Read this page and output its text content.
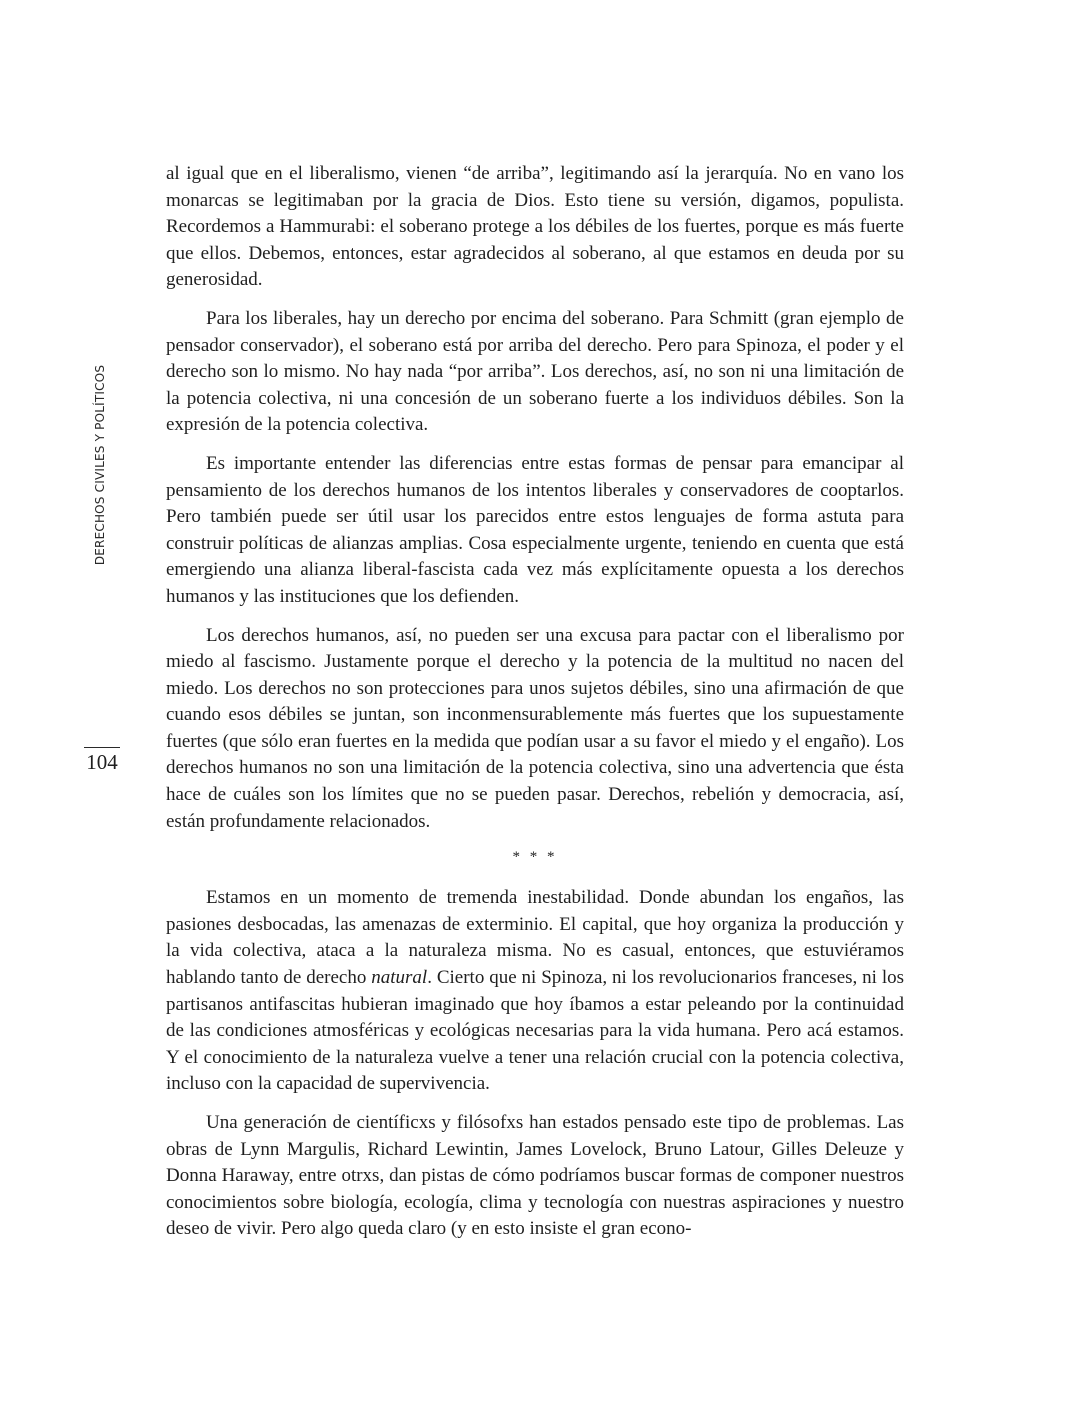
DERECHOS CIVILES Y POLÍTICOS
104

al igual que en el liberalismo, vienen “de arriba”, legitimando así la jerarquía. No en vano los monarcas se legitimaban por la gracia de Dios. Esto tiene su versión, digamos, populista. Recordemos a Hammurabi: el soberano protege a los débiles de los fuertes, porque es más fuerte que ellos. Debemos, entonces, estar agradecidos al soberano, al que estamos en deuda por su generosidad.

Para los liberales, hay un derecho por encima del soberano. Para Schmitt (gran ejemplo de pensador conservador), el soberano está por arriba del derecho. Pero para Spinoza, el poder y el derecho son lo mismo. No hay nada “por arriba”. Los derechos, así, no son ni una limitación de la potencia colectiva, ni una concesión de un soberano fuerte a los individuos débiles. Son la expresión de la potencia colectiva.

Es importante entender las diferencias entre estas formas de pensar para emancipar al pensamiento de los derechos humanos de los intentos liberales y conservadores de cooptarlos. Pero también puede ser útil usar los parecidos entre estos lenguajes de forma astuta para construir políticas de alianzas amplias. Cosa especialmente urgente, teniendo en cuenta que está emergiendo una alianza liberal-fascista cada vez más explícitamente opuesta a los derechos humanos y las instituciones que los defienden.

Los derechos humanos, así, no pueden ser una excusa para pactar con el liberalismo por miedo al fascismo. Justamente porque el derecho y la potencia de la multitud no nacen del miedo. Los derechos no son protecciones para unos sujetos débiles, sino una afirmación de que cuando esos débiles se juntan, son inconmensurablemente más fuertes que los supuestamente fuertes (que sólo eran fuertes en la medida que podían usar a su favor el miedo y el engaño). Los derechos humanos no son una limitación de la potencia colectiva, sino una advertencia que ésta hace de cuáles son los límites que no se pueden pasar. Derechos, rebelión y democracia, así, están profundamente relacionados.

* * *

Estamos en un momento de tremenda inestabilidad. Donde abundan los engaños, las pasiones desbocadas, las amenazas de exterminio. El capital, que hoy organiza la producción y la vida colectiva, ataca a la naturaleza misma. No es casual, entonces, que estuviéramos hablando tanto de derecho natural. Cierto que ni Spinoza, ni los revolucionarios franceses, ni los partisanos antifascitas hubieran imaginado que hoy íbamos a estar peleando por la continuidad de las condiciones atmosféricas y ecológicas necesarias para la vida humana. Pero acá estamos. Y el conocimiento de la naturaleza vuelve a tener una relación crucial con la potencia colectiva, incluso con la capacidad de supervivencia.

Una generación de científicxs y filósofxs han estados pensado este tipo de problemas. Las obras de Lynn Margulis, Richard Lewintin, James Lovelock, Bruno Latour, Gilles Deleuze y Donna Haraway, entre otrxs, dan pistas de cómo podríamos buscar formas de componer nuestros conocimientos sobre biología, ecología, clima y tecnología con nuestras aspiraciones y nuestro deseo de vivir. Pero algo queda claro (y en esto insiste el gran econo-
